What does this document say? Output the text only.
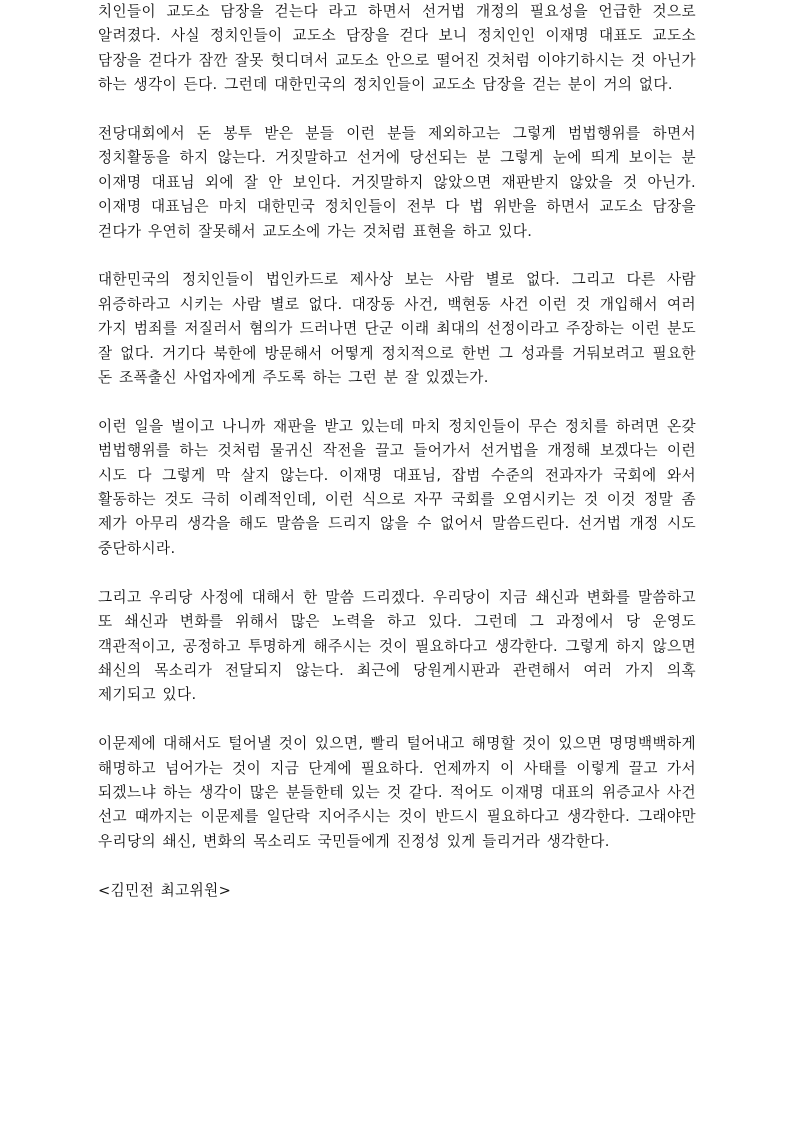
치인들이 교도소 담장을 걷는다 라고 하면서 선거법 개정의 필요성을 언급한 것으로 알려졌다. 사실 정치인들이 교도소 담장을 걷다 보니 정치인인 이재명 대표도 교도소 담장을 걷다가 잠깐 잘못 헛디뎌서 교도소 안으로 떨어진 것처럼 이야기하시는 것 아닌가 하는 생각이 든다. 그런데 대한민국의 정치인들이 교도소 담장을 걷는 분이 거의 없다.

전당대회에서 돈 봉투 받은 분들 이런 분들 제외하고는 그렇게 범법행위를 하면서 정치활동을 하지 않는다. 거짓말하고 선거에 당선되는 분 그렇게 눈에 띄게 보이는 분 이재명 대표님 외에 잘 안 보인다. 거짓말하지 않았으면 재판받지 않았을 것 아닌가. 이재명 대표님은 마치 대한민국 정치인들이 전부 다 법 위반을 하면서 교도소 담장을 걷다가 우연히 잘못해서 교도소에 가는 것처럼 표현을 하고 있다.

대한민국의 정치인들이 법인카드로 제사상 보는 사람 별로 없다. 그리고 다른 사람 위증하라고 시키는 사람 별로 없다. 대장동 사건, 백현동 사건 이런 것 개입해서 여러 가지 범죄를 저질러서 혐의가 드러나면 단군 이래 최대의 선정이라고 주장하는 이런 분도 잘 없다. 거기다 북한에 방문해서 어떻게 정치적으로 한번 그 성과를 거둬보려고 필요한 돈 조폭출신 사업자에게 주도록 하는 그런 분 잘 있겠는가.

이런 일을 벌이고 나니까 재판을 받고 있는데 마치 정치인들이 무슨 정치를 하려면 온갖 범법행위를 하는 것처럼 물귀신 작전을 끌고 들어가서 선거법을 개정해 보겠다는 이런 시도 다 그렇게 막 살지 않는다. 이재명 대표님, 잡범 수준의 전과자가 국회에 와서 활동하는 것도 극히 이례적인데, 이런 식으로 자꾸 국회를 오염시키는 것 이것 정말 좀 제가 아무리 생각을 해도 말씀을 드리지 않을 수 없어서 말씀드린다. 선거법 개정 시도 중단하시라.

그리고 우리당 사정에 대해서 한 말씀 드리겠다. 우리당이 지금 쇄신과 변화를 말씀하고 또 쇄신과 변화를 위해서 많은 노력을 하고 있다. 그런데 그 과정에서 당 운영도 객관적이고, 공정하고 투명하게 해주시는 것이 필요하다고 생각한다. 그렇게 하지 않으면 쇄신의 목소리가 전달되지 않는다. 최근에 당원게시판과 관련해서 여러 가지 의혹 제기되고 있다.

이문제에 대해서도 털어낼 것이 있으면, 빨리 털어내고 해명할 것이 있으면 명명백백하게 해명하고 넘어가는 것이 지금 단계에 필요하다. 언제까지 이 사태를 이렇게 끌고 가서 되겠느냐 하는 생각이 많은 분들한테 있는 것 같다. 적어도 이재명 대표의 위증교사 사건 선고 때까지는 이문제를 일단락 지어주시는 것이 반드시 필요하다고 생각한다. 그래야만 우리당의 쇄신, 변화의 목소리도 국민들에게 진정성 있게 들리거라 생각한다.

<김민전 최고위원>
